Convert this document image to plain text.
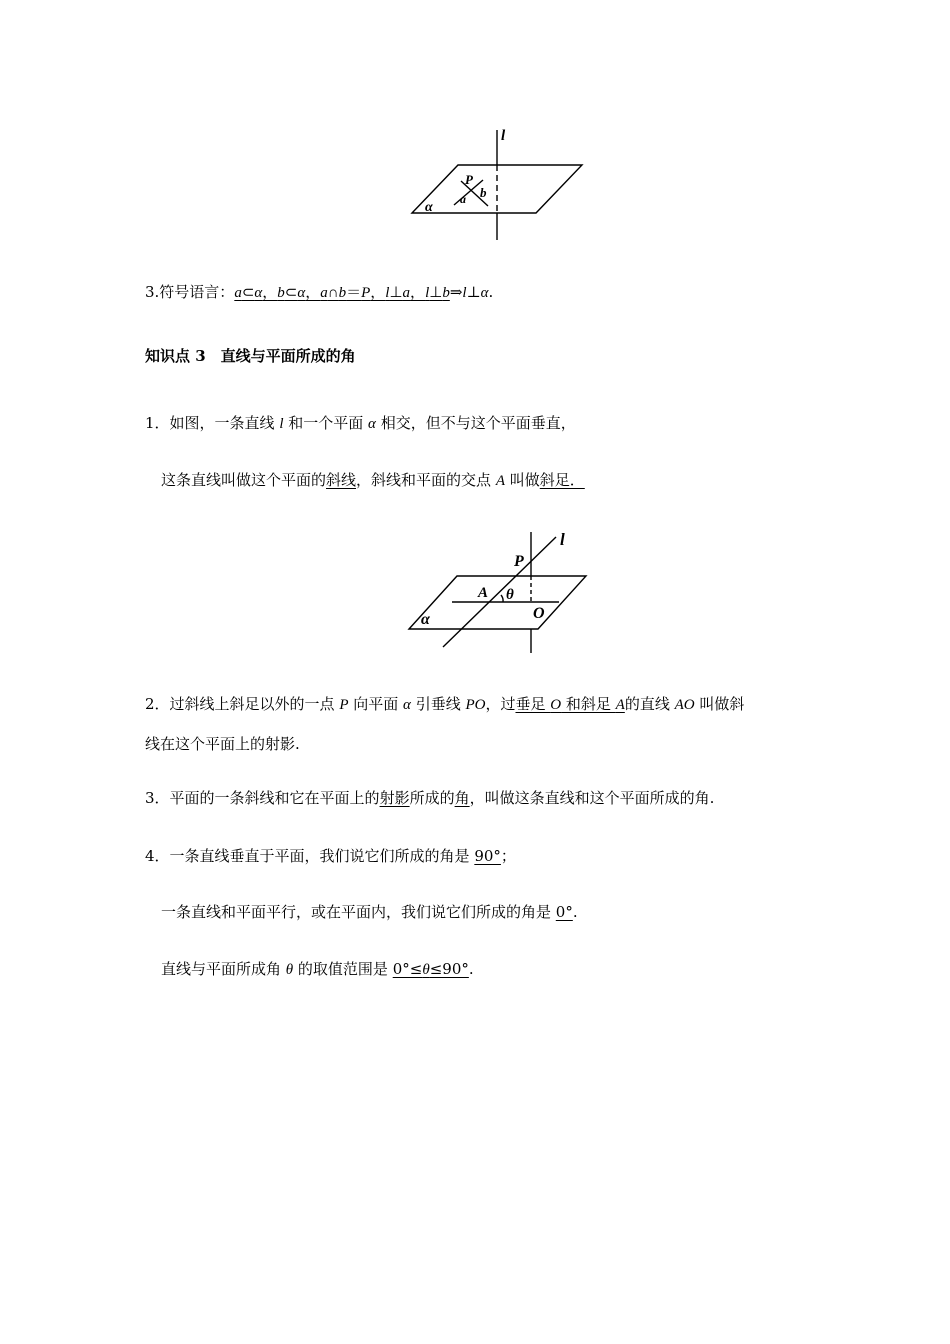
l
P
a b
α
3.符号语言：a⊂α，b⊂α，a∩b＝P，l⊥a，l⊥b⇒l⊥α.
知识点 3　直线与平面所成的角
1．如图，一条直线 l 和一个平面 α 相交，但不与这个平面垂直，
这条直线叫做这个平面的斜线，斜线和平面的交点 A 叫做斜足．
l
P
A θ
O
α
2．过斜线上斜足以外的一点 P 向平面 α 引垂线 PO，过垂足 O 和斜足 A的直线 AO 叫做斜
线在这个平面上的射影.
3．平面的一条斜线和它在平面上的射影所成的角，叫做这条直线和这个平面所成的角.
4．一条直线垂直于平面，我们说它们所成的角是 90°；
一条直线和平面平行，或在平面内，我们说它们所成的角是 0°.
直线与平面所成角 θ 的取值范围是 0°≤θ≤90°.
